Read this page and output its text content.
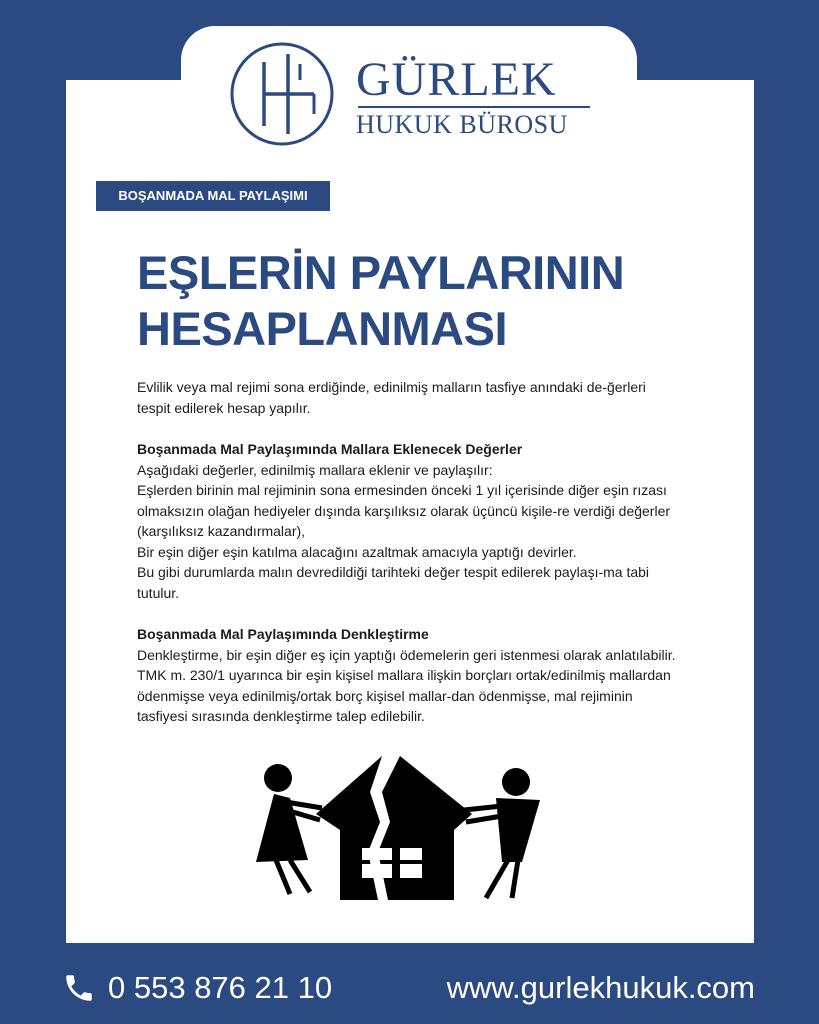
GÜRLEK
HUKUK BÜROSU
BOŞANMADA MAL PAYLAŞIMI
EŞLERİN PAYLARININ
HESAPLANMASI

Evlilik veya mal rejimi sona erdiğinde, edinilmiş malların tasfiye anındaki de-ğerleri tespit edilerek hesap yapılır.

Boşanmada Mal Paylaşımında Mallara Eklenecek Değerler

Aşağıdaki değerler, edinilmiş mallara eklenir ve paylaşılır:

Eşlerden birinin mal rejiminin sona ermesinden önceki 1 yıl içerisinde diğer eşin rızası olmaksızın olağan hediyeler dışında karşılıksız olarak üçüncü kişile-re verdiği değerler (karşılıksız kazandırmalar),

Bir eşin diğer eşin katılma alacağını azaltmak amacıyla yaptığı devirler.

Bu gibi durumlarda malın devredildiği tarihteki değer tespit edilerek paylaşı-ma tabi tutulur.

Boşanmada Mal Paylaşımında Denkleştirme

Denkleştirme, bir eşin diğer eş için yaptığı ödemelerin geri istenmesi olarak anlatılabilir. TMK m. 230/1 uyarınca bir eşin kişisel mallara ilişkin borçları ortak/edinilmiş mallardan ödenmişse veya edinilmiş/ortak borç kişisel mallar-dan ödenmişse, mal rejiminin tasfiyesi sırasında denkleştirme talep edilebilir.

0 553 876 21 10	www.gurlekhukuk.com
